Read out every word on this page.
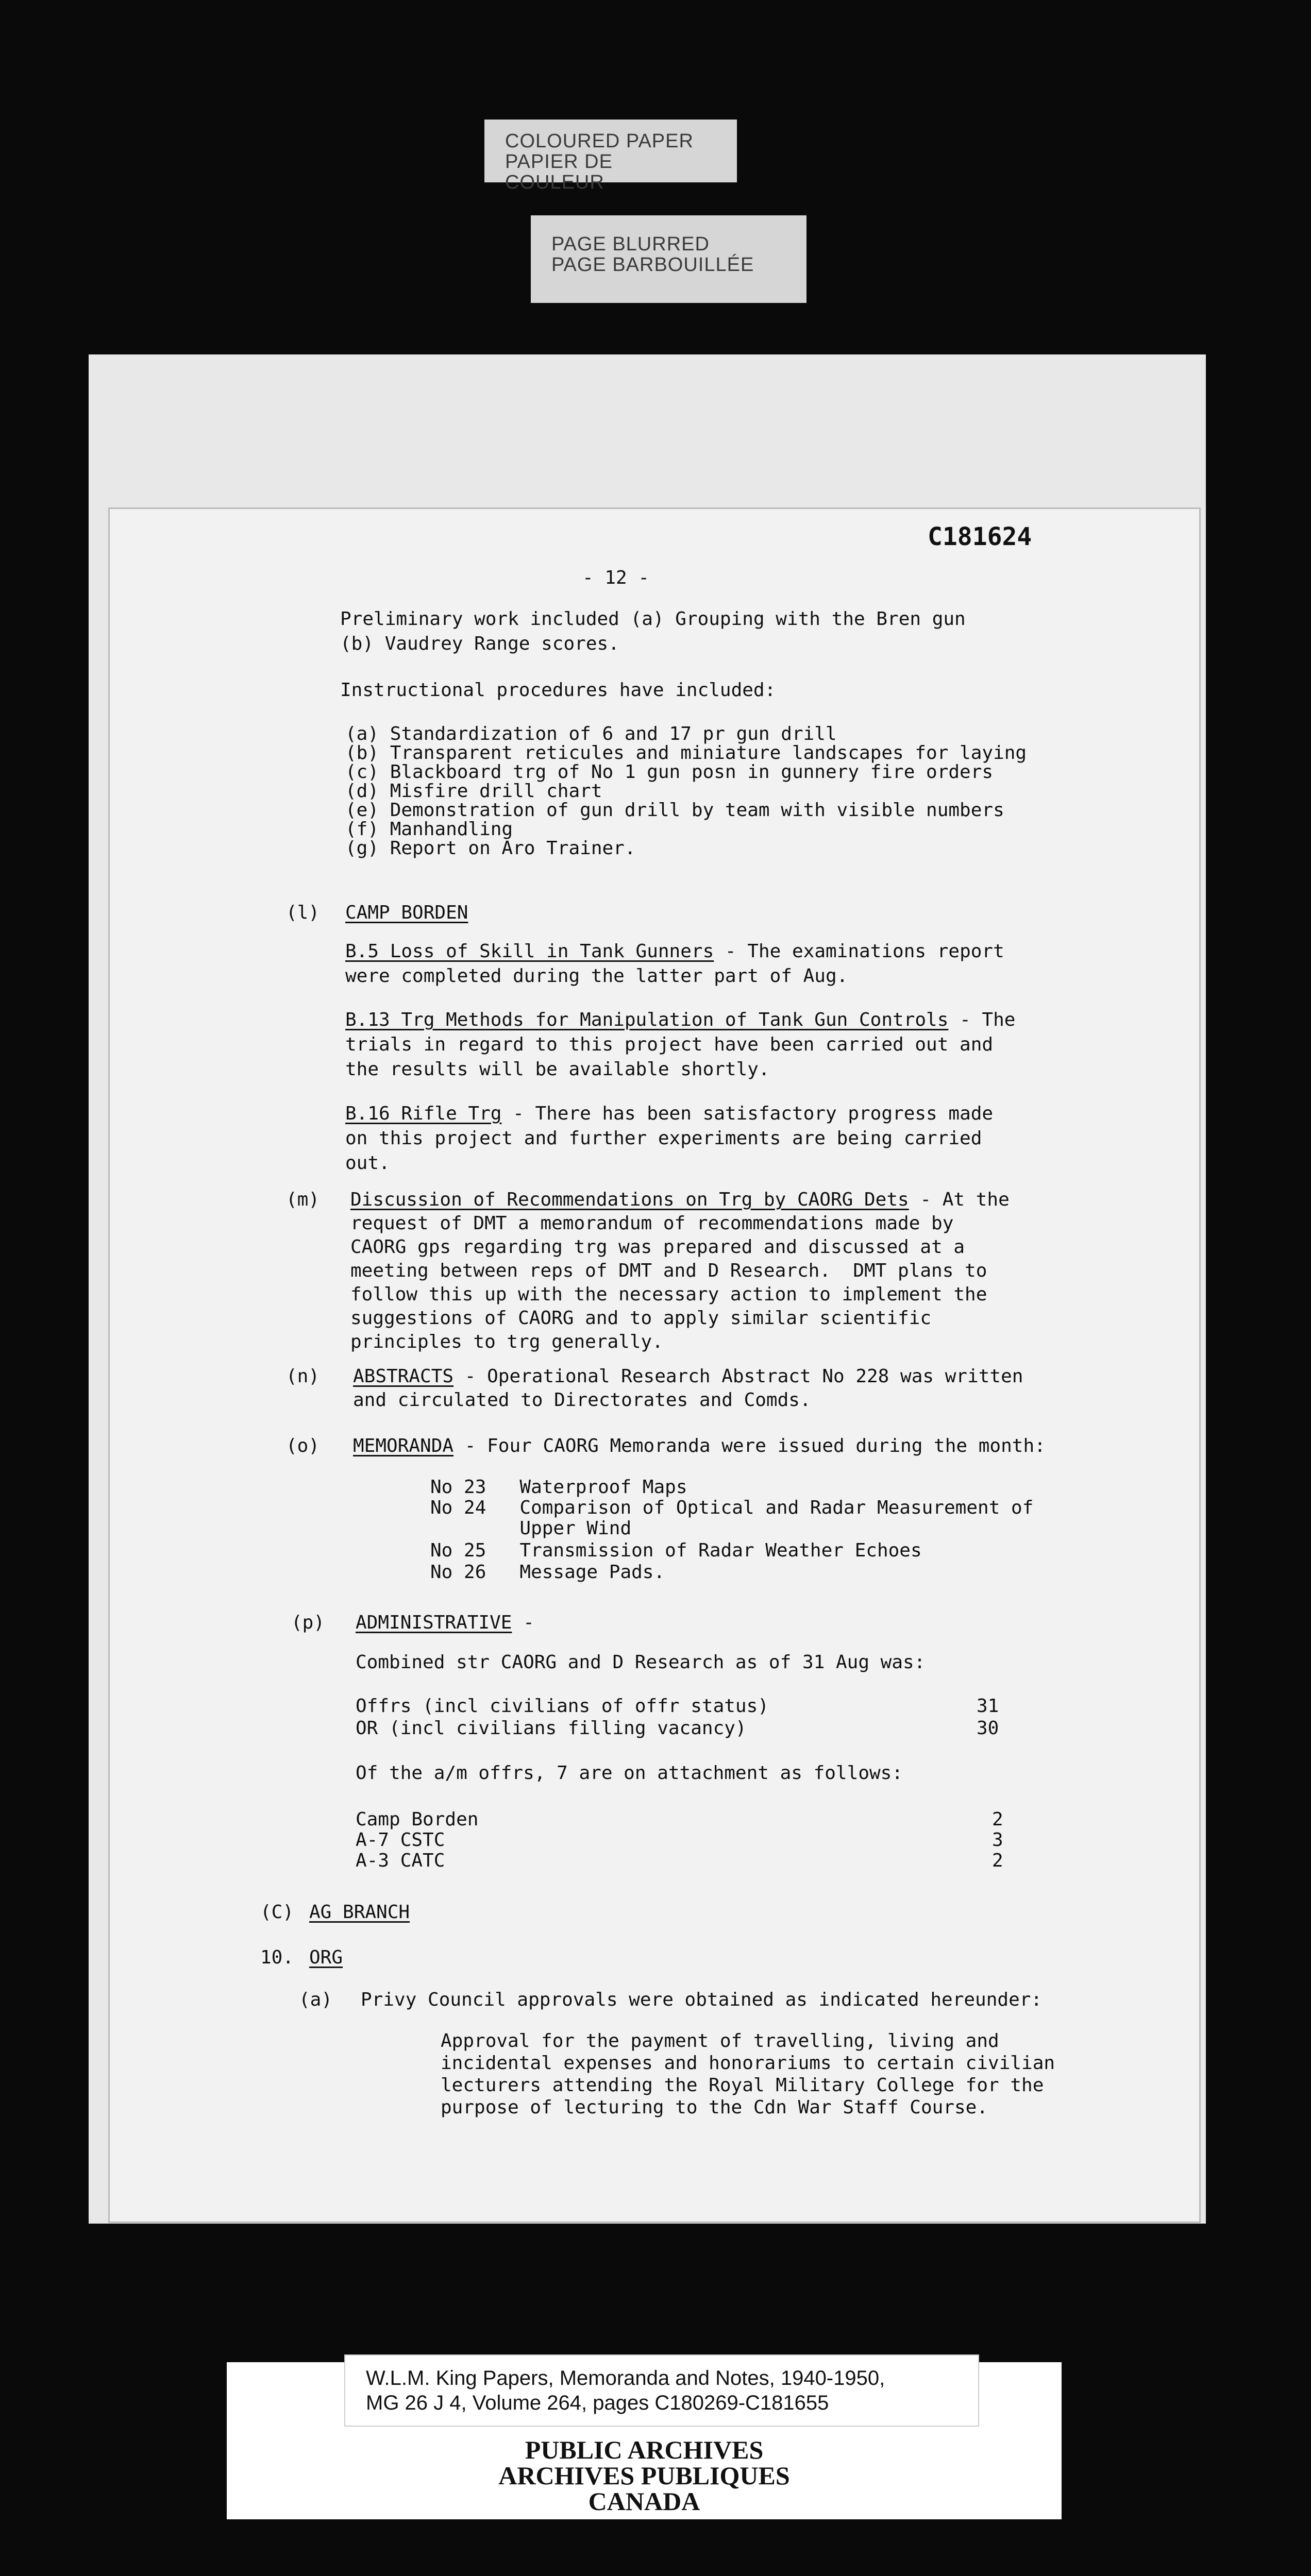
COLOURED PAPER
PAPIER DE COULEUR
PAGE BLURRED
PAGE BARBOUILLÉE
C181624
- 12 -
Preliminary work included (a) Grouping with the Bren gun
(b) Vaudrey Range scores.
Instructional procedures have included:
(a) Standardization of 6 and 17 pr gun drill
(b) Transparent reticules and miniature landscapes for laying
(c) Blackboard trg of No 1 gun posn in gunnery fire orders
(d) Misfire drill chart
(e) Demonstration of gun drill by team with visible numbers
(f) Manhandling
(g) Report on Aro Trainer.
(l) CAMP BORDEN
B.5 Loss of Skill in Tank Gunners - The examinations report
were completed during the latter part of Aug.
B.13 Trg Methods for Manipulation of Tank Gun Controls - The
trials in regard to this project have been carried out and
the results will be available shortly.
B.16 Rifle Trg - There has been satisfactory progress made
on this project and further experiments are being carried
out.
(m) Discussion of Recommendations on Trg by CAORG Dets - At the
request of DMT a memorandum of recommendations made by
CAORG gps regarding trg was prepared and discussed at a
meeting between reps of DMT and D Research.  DMT plans to
follow this up with the necessary action to implement the
suggestions of CAORG and to apply similar scientific
principles to trg generally.
(n) ABSTRACTS - Operational Research Abstract No 228 was written
and circulated to Directorates and Comds.
(o) MEMORANDA - Four CAORG Memoranda were issued during the month:
No 23   Waterproof Maps
No 24   Comparison of Optical and Radar Measurement of
Upper Wind
No 25   Transmission of Radar Weather Echoes
No 26   Message Pads.
(p) ADMINISTRATIVE -
Combined str CAORG and D Research as of 31 Aug was:
Offrs (incl civilians of offr status)	31
OR (incl civilians filling vacancy)	30
Of the a/m offrs, 7 are on attachment as follows:
Camp Borden	2
A-7 CSTC	3
A-3 CATC	2
(C) AG BRANCH
10. ORG
(a) Privy Council approvals were obtained as indicated hereunder:
Approval for the payment of travelling, living and
incidental expenses and honorariums to certain civilian
lecturers attending the Royal Military College for the
purpose of lecturing to the Cdn War Staff Course.
W.L.M. King Papers, Memoranda and Notes, 1940-1950,
MG 26 J 4, Volume 264, pages C180269-C181655
PUBLIC ARCHIVES
ARCHIVES PUBLIQUES
CANADA
